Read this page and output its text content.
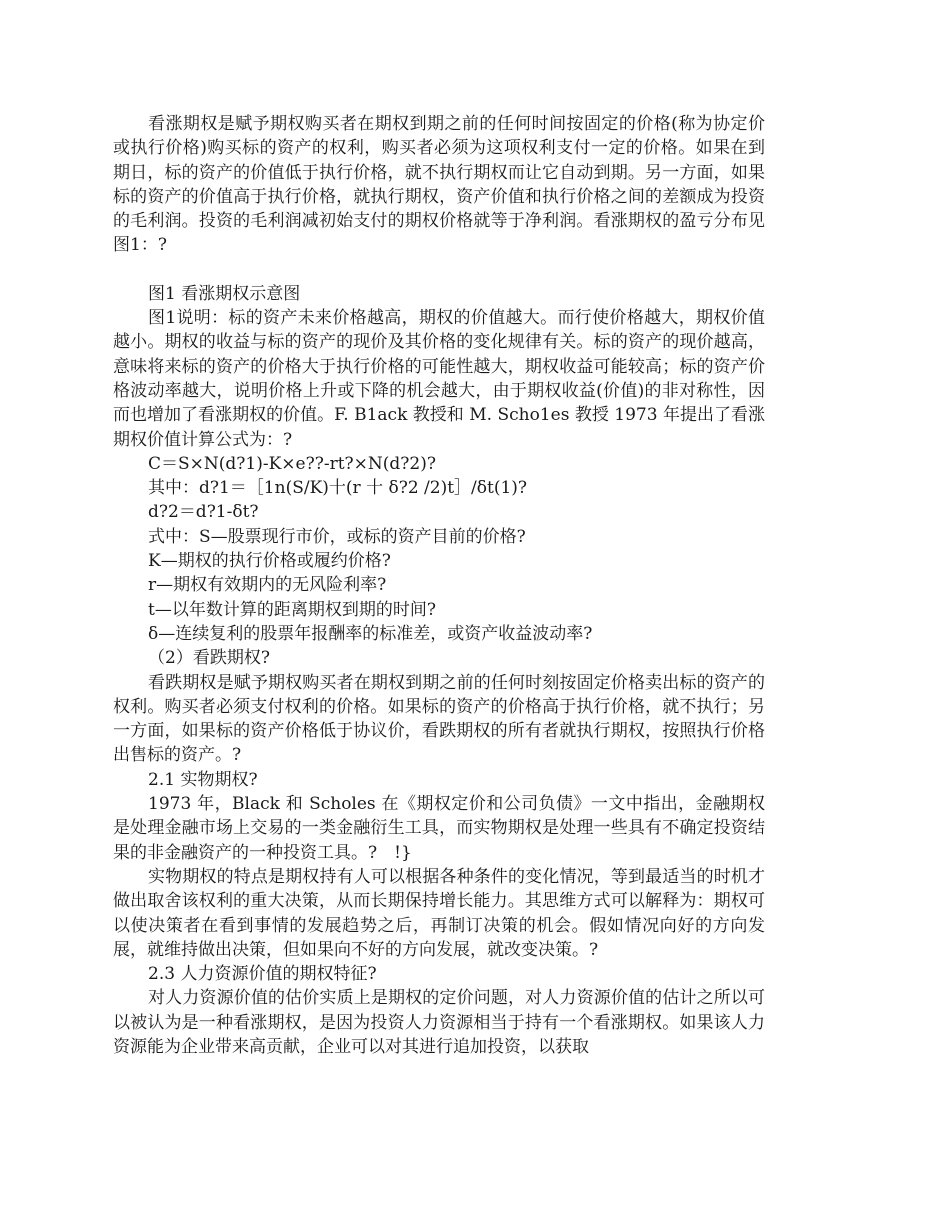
看涨期权是赋予期权购买者在期权到期之前的任何时间按固定的价格(称为协定价或执行价格)购买标的资产的权利，购买者必须为这项权利支付一定的价格。如果在到期日，标的资产的价值低于执行价格，就不执行期权而让它自动到期。另一方面，如果标的资产的价值高于执行价格，就执行期权，资产价值和执行价格之间的差额成为投资的毛利润。投资的毛利润减初始支付的期权价格就等于净利润。看涨期权的盈亏分布见图1：?

图1 看涨期权示意图

图1说明：标的资产未来价格越高，期权的价值越大。而行使价格越大，期权价值越小。期权的收益与标的资产的现价及其价格的变化规律有关。标的资产的现价越高，意味将来标的资产的价格大于执行价格的可能性越大，期权收益可能较高；标的资产价格波动率越大，说明价格上升或下降的机会越大，由于期权收益(价值)的非对称性，因而也增加了看涨期权的价值。F. B1ack 教授和 M. Scho1es 教授 1973 年提出了看涨期权价值计算公式为：?

C＝S×N(d?1)-K×e??-rt?×N(d?2)?

其中：d?1＝［1n(S/K)十(r 十 δ?2 /2)t］/δt(1)?

d?2＝d?1-δt?

式中：S—股票现行市价，或标的资产目前的价格?

K—期权的执行价格或履约价格?

r—期权有效期内的无风险利率?

t—以年数计算的距离期权到期的时间?

δ—连续复利的股票年报酬率的标准差，或资产收益波动率?

（2）看跌期权?

看跌期权是赋予期权购买者在期权到期之前的任何时刻按固定价格卖出标的资产的权利。购买者必须支付权利的价格。如果标的资产的价格高于执行价格，就不执行；另一方面，如果标的资产价格低于协议价，看跌期权的所有者就执行期权，按照执行价格出售标的资产。?

2.1 实物期权?

1973 年，Black 和 Scholes 在《期权定价和公司负债》一文中指出，金融期权是处理金融市场上交易的一类金融衍生工具，而实物期权是处理一些具有不确定投资结果的非金融资产的一种投资工具。?　!}

实物期权的特点是期权持有人可以根据各种条件的变化情况，等到最适当的时机才做出取舍该权利的重大决策，从而长期保持增长能力。其思维方式可以解释为：期权可以使决策者在看到事情的发展趋势之后，再制订决策的机会。假如情况向好的方向发展，就维持做出决策，但如果向不好的方向发展，就改变决策。?

2.3 人力资源价值的期权特征?

对人力资源价值的估价实质上是期权的定价问题，对人力资源价值的估计之所以可以被认为是一种看涨期权，是因为投资人力资源相当于持有一个看涨期权。如果该人力资源能为企业带来高贡献，企业可以对其进行追加投资，以获取
